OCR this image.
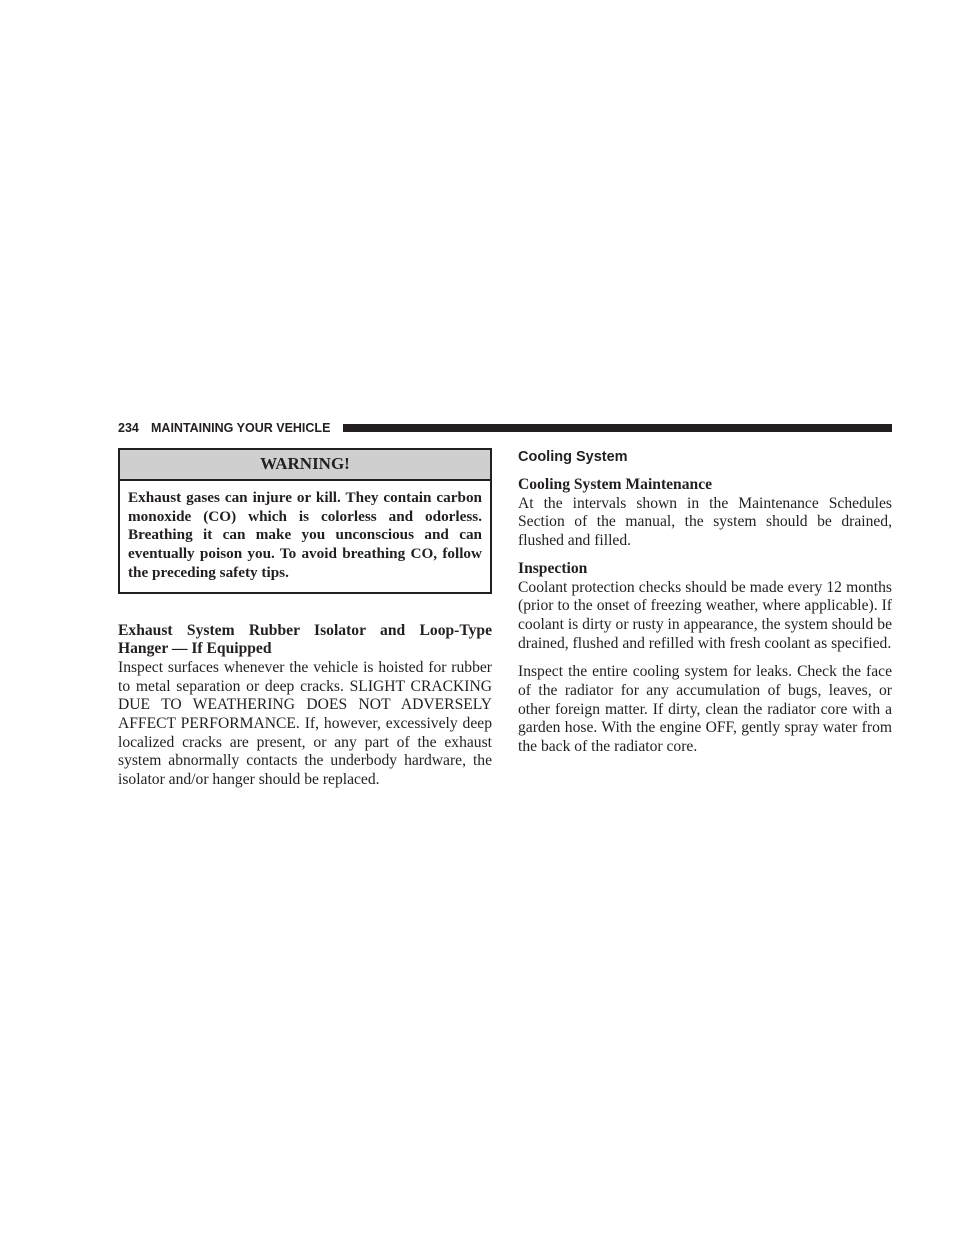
234 MAINTAINING YOUR VEHICLE
WARNING!
Exhaust gases can injure or kill. They contain carbon monoxide (CO) which is colorless and odorless. Breathing it can make you unconscious and can eventually poison you. To avoid breathing CO, follow the preceding safety tips.

Exhaust System Rubber Isolator and Loop-Type Hanger — If Equipped

Inspect surfaces whenever the vehicle is hoisted for rubber to metal separation or deep cracks. SLIGHT CRACKING DUE TO WEATHERING DOES NOT ADVERSELY AFFECT PERFORMANCE. If, however, excessively deep localized cracks are present, or any part of the exhaust system abnormally contacts the underbody hardware, the isolator and/or hanger should be replaced.

Cooling System

Cooling System Maintenance

At the intervals shown in the Maintenance Schedules Section of the manual, the system should be drained, flushed and filled.

Inspection

Coolant protection checks should be made every 12 months (prior to the onset of freezing weather, where applicable). If coolant is dirty or rusty in appearance, the system should be drained, flushed and refilled with fresh coolant as specified.

Inspect the entire cooling system for leaks. Check the face of the radiator for any accumulation of bugs, leaves, or other foreign matter. If dirty, clean the radiator core with a garden hose. With the engine OFF, gently spray water from the back of the radiator core.
